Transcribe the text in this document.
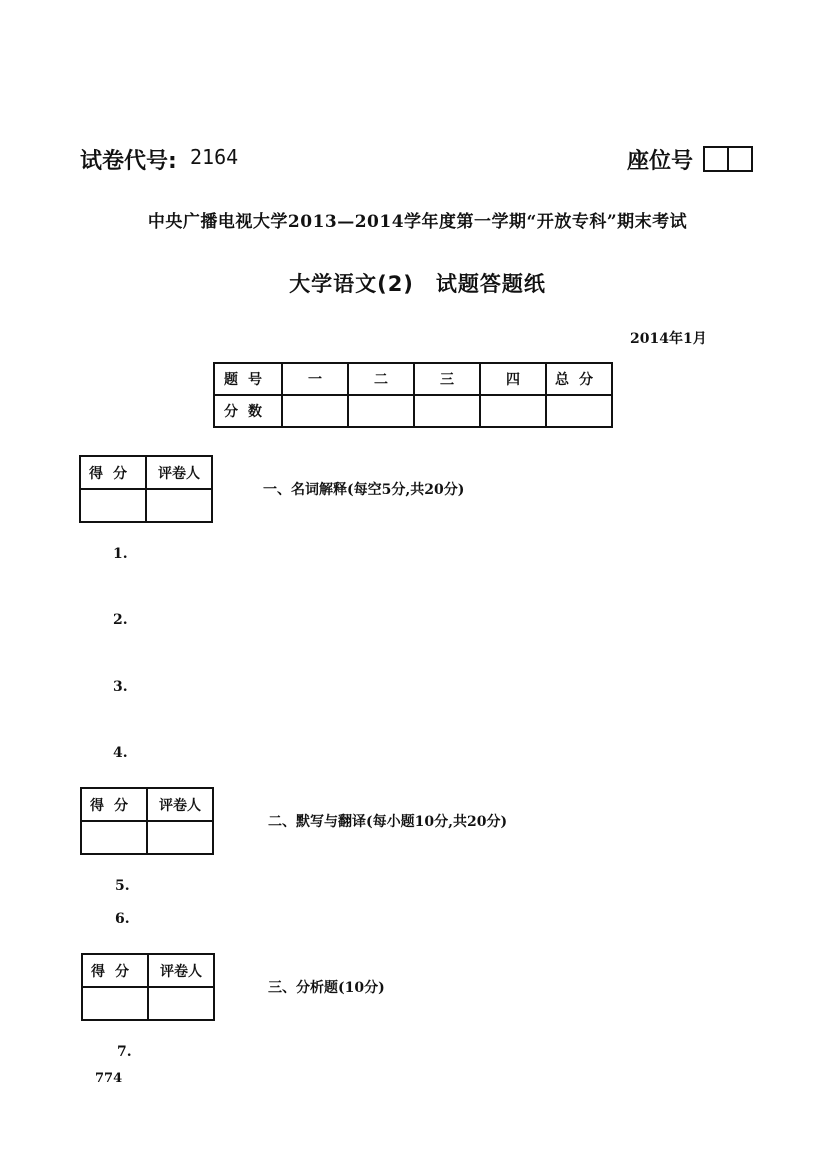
试卷代号: 2164	座位号
中央广播电视大学2013—2014学年度第一学期“开放专科”期末考试
大学语文(2)　试题答题纸
2014年1月
题号	一	二	三	四	总分
分数					
得分	评卷人

一、名词解释(每空5分,共20分)
1.
2.
3.
4.
得分	评卷人

二、默写与翻译(每小题10分,共20分)
5.
6.
得分	评卷人

三、分析题(10分)
7.
774
